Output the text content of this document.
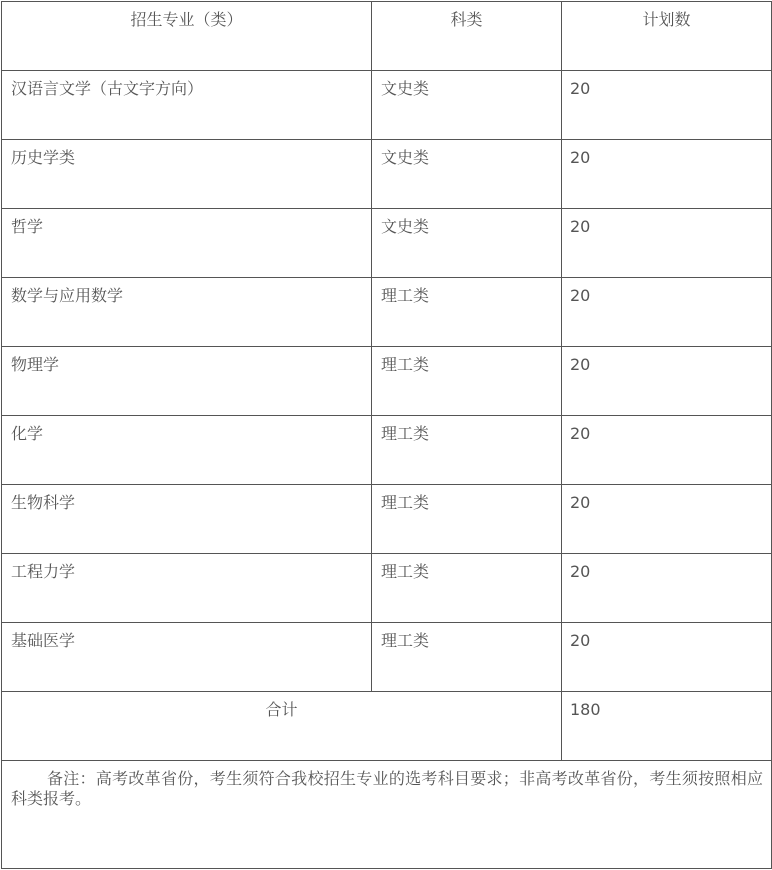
招生专业（类）	科类	计划数
汉语言文学（古文字方向）	文史类	20
历史学类	文史类	20
哲学	文史类	20
数学与应用数学	理工类	20
物理学	理工类	20
化学	理工类	20
生物科学	理工类	20
工程力学	理工类	20
基础医学	理工类	20
合计		180
备注：高考改革省份，考生须符合我校招生专业的选考科目要求；非高考改革省份，考生须按照相应科类报考。		
